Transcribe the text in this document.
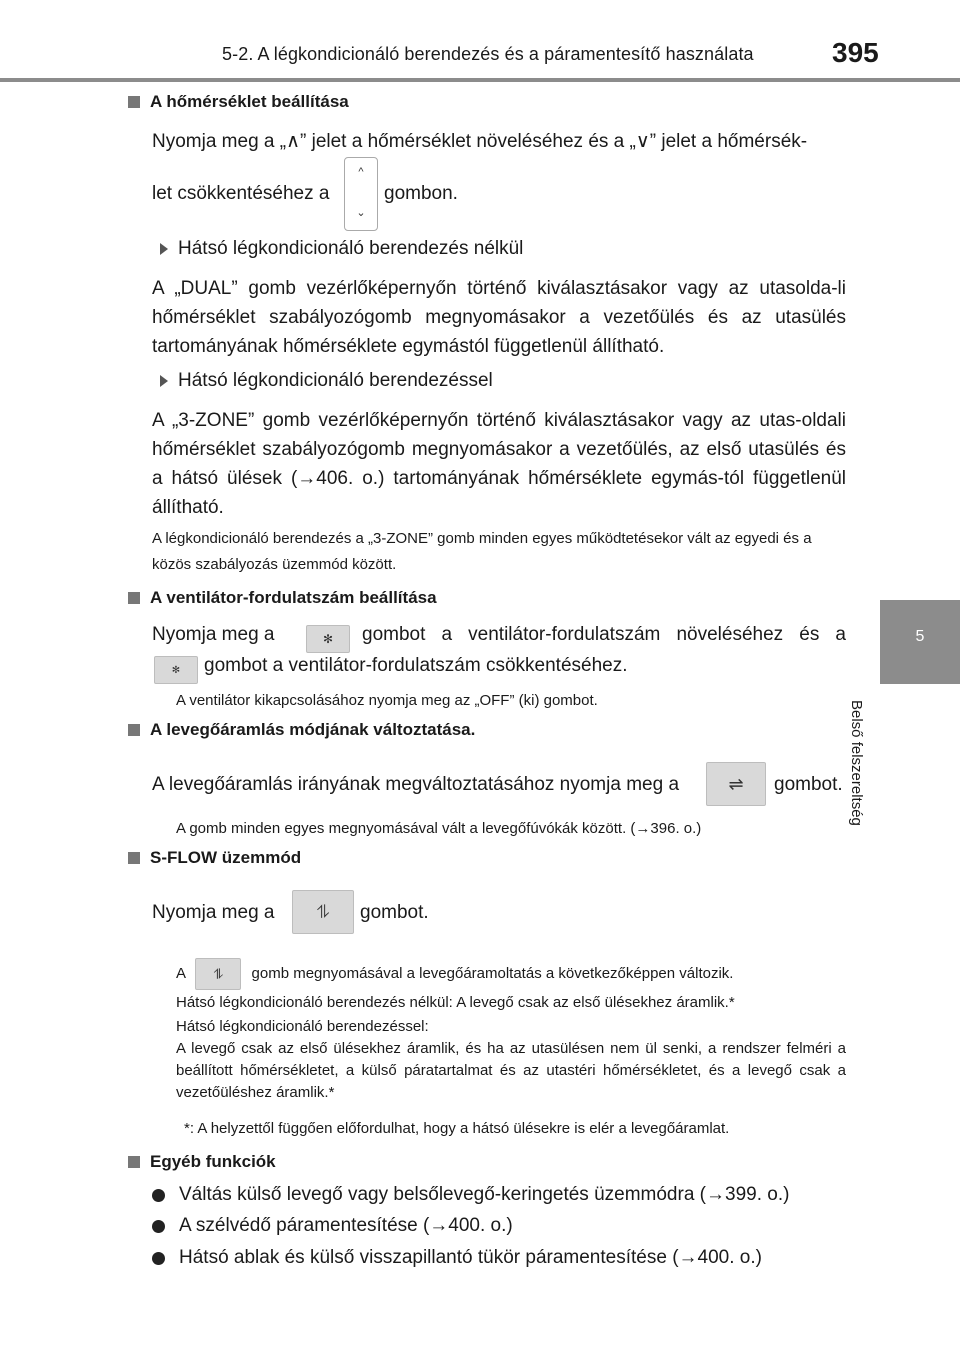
5-2. A légkondicionáló berendezés és a páramentesítő használata	395
5
Belső felszereltség
A hőmérséklet beállítása
Nyomja meg a „∧” jelet a hőmérséklet növeléséhez és a „∨” jelet a hőmérsék-
let csökkentéséhez a
^
⌄
gombon.
Hátsó légkondicionáló berendezés nélkül
A „DUAL” gomb vezérlőképernyőn történő kiválasztásakor vagy az utasolda-li hőmérséklet szabályozógomb megnyomásakor a vezetőülés és az utasülés tartományának hőmérséklete egymástól függetlenül állítható.
Hátsó légkondicionáló berendezéssel
A „3-ZONE” gomb vezérlőképernyőn történő kiválasztásakor vagy az utas-oldali hőmérséklet szabályozógomb megnyomásakor a vezetőülés, az első utasülés és a hátsó ülések (→406. o.) tartományának hőmérséklete egymás-tól függetlenül állítható.
A légkondicionáló berendezés a „3-ZONE” gomb minden egyes működtetésekor vált az egyedi és a közös szabályozás üzemmód között.
A ventilátor-fordulatszám beállítása
Nyomja meg a	✻ gombot a ventilátor-fordulatszám növeléséhez és a
✻ gombot a ventilátor-fordulatszám csökkentéséhez.
A ventilátor kikapcsolásához nyomja meg az „OFF” (ki) gombot.
A levegőáramlás módjának változtatása.
A levegőáramlás irányának megváltoztatásához nyomja meg a	⇌ gombot.
A gomb minden egyes megnyomásával vált a levegőfúvókák között. (→396. o.)
S-FLOW üzemmód
Nyomja meg a ⥮ gombot.
A ⥮ gomb megnyomásával a levegőáramoltatás a következőképpen változik.
Hátsó légkondicionáló berendezés nélkül: A levegő csak az első ülésekhez áramlik.*
Hátsó légkondicionáló berendezéssel:
A levegő csak az első ülésekhez áramlik, és ha az utasülésen nem ül senki, a rendszer felméri a beállított hőmérsékletet, a külső páratartalmat és az utastéri hőmérsékletet, és a levegő csak a vezetőüléshez áramlik.*
*: A helyzettől függően előfordulhat, hogy a hátsó ülésekre is elér a levegőáramlat.
Egyéb funkciók
Váltás külső levegő vagy belsőlevegő-keringetés üzemmódra (→399. o.)
A szélvédő páramentesítése (→400. o.)
Hátsó ablak és külső visszapillantó tükör páramentesítése (→400. o.)
